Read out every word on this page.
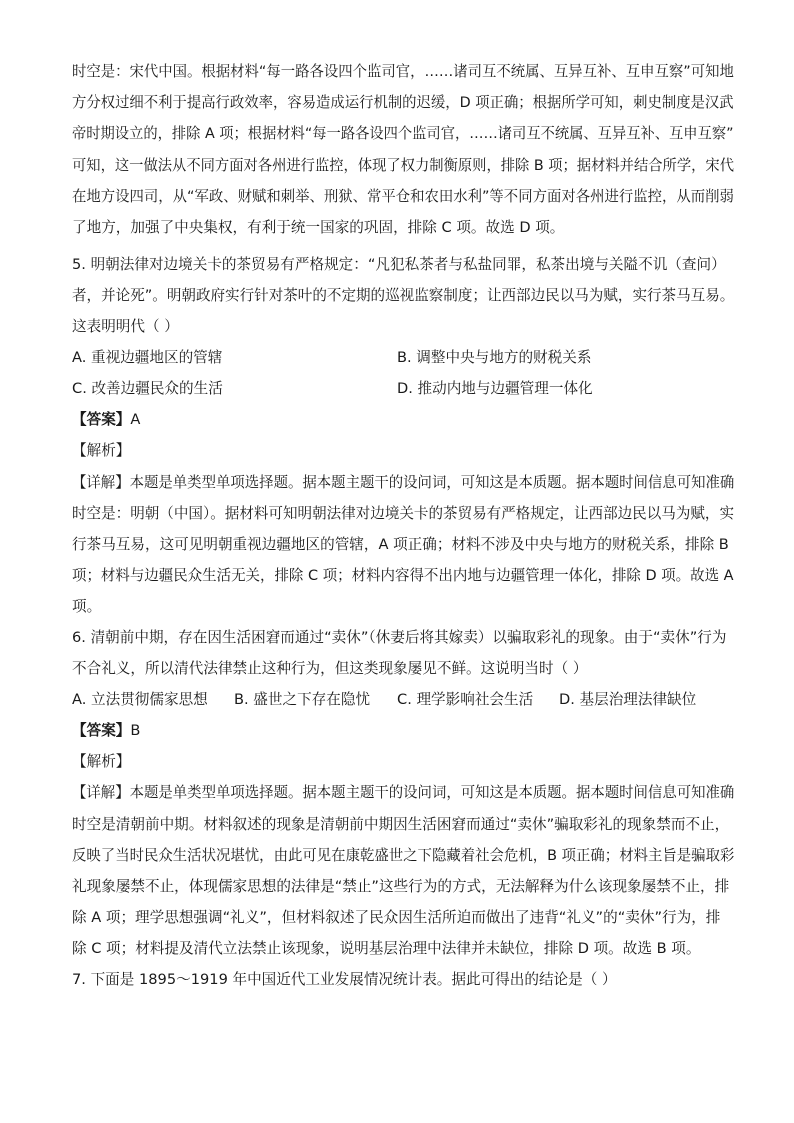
时空是：宋代中国。根据材料“每一路各设四个监司官，……诸司互不统属、互异互补、互申互察”可知地
方分权过细不利于提高行政效率，容易造成运行机制的迟缓，D 项正确；根据所学可知，刺史制度是汉武
帝时期设立的，排除 A 项；根据材料“每一路各设四个监司官，……诸司互不统属、互异互补、互申互察”
可知，这一做法从不同方面对各州进行监控，体现了权力制衡原则，排除 B 项；据材料并结合所学，宋代
在地方设四司，从“军政、财赋和刺举、刑狱、常平仓和农田水利”等不同方面对各州进行监控，从而削弱
了地方，加强了中央集权，有利于统一国家的巩固，排除 C 项。故选 D 项。
5. 明朝法律对边境关卡的茶贸易有严格规定：“凡犯私茶者与私盐同罪，私茶出境与关隘不讥（查问）
者，并论死”。明朝政府实行针对茶叶的不定期的巡视监察制度；让西部边民以马为赋，实行茶马互易。
这表明明代（ ）
A. 重视边疆地区的管辖	B. 调整中央与地方的财税关系
C. 改善边疆民众的生活	D. 推动内地与边疆管理一体化
【答案】A
【解析】
【详解】本题是单类型单项选择题。据本题主题干的设问词，可知这是本质题。据本题时间信息可知准确
时空是：明朝（中国）。据材料可知明朝法律对边境关卡的茶贸易有严格规定，让西部边民以马为赋，实
行茶马互易，这可见明朝重视边疆地区的管辖，A 项正确；材料不涉及中央与地方的财税关系，排除 B
项；材料与边疆民众生活无关，排除 C 项；材料内容得不出内地与边疆管理一体化，排除 D 项。故选 A
项。
6. 清朝前中期，存在因生活困窘而通过“卖休”（休妻后将其嫁卖）以骗取彩礼的现象。由于“卖休”行为
不合礼义，所以清代法律禁止这种行为，但这类现象屡见不鲜。这说明当时（ ）
A. 立法贯彻儒家思想 B. 盛世之下存在隐忧 C. 理学影响社会生活 D. 基层治理法律缺位
【答案】B
【解析】
【详解】本题是单类型单项选择题。据本题主题干的设问词，可知这是本质题。据本题时间信息可知准确
时空是清朝前中期。材料叙述的现象是清朝前中期因生活困窘而通过“卖休”骗取彩礼的现象禁而不止，
反映了当时民众生活状况堪忧，由此可见在康乾盛世之下隐藏着社会危机，B 项正确；材料主旨是骗取彩
礼现象屡禁不止，体现儒家思想的法律是“禁止”这些行为的方式，无法解释为什么该现象屡禁不止，排
除 A 项；理学思想强调“礼义”，但材料叙述了民众因生活所迫而做出了违背“礼义”的“卖休”行为，排
除 C 项；材料提及清代立法禁止该现象，说明基层治理中法律并未缺位，排除 D 项。故选 B 项。
7. 下面是 1895～1919 年中国近代工业发展情况统计表。据此可得出的结论是（ ）
